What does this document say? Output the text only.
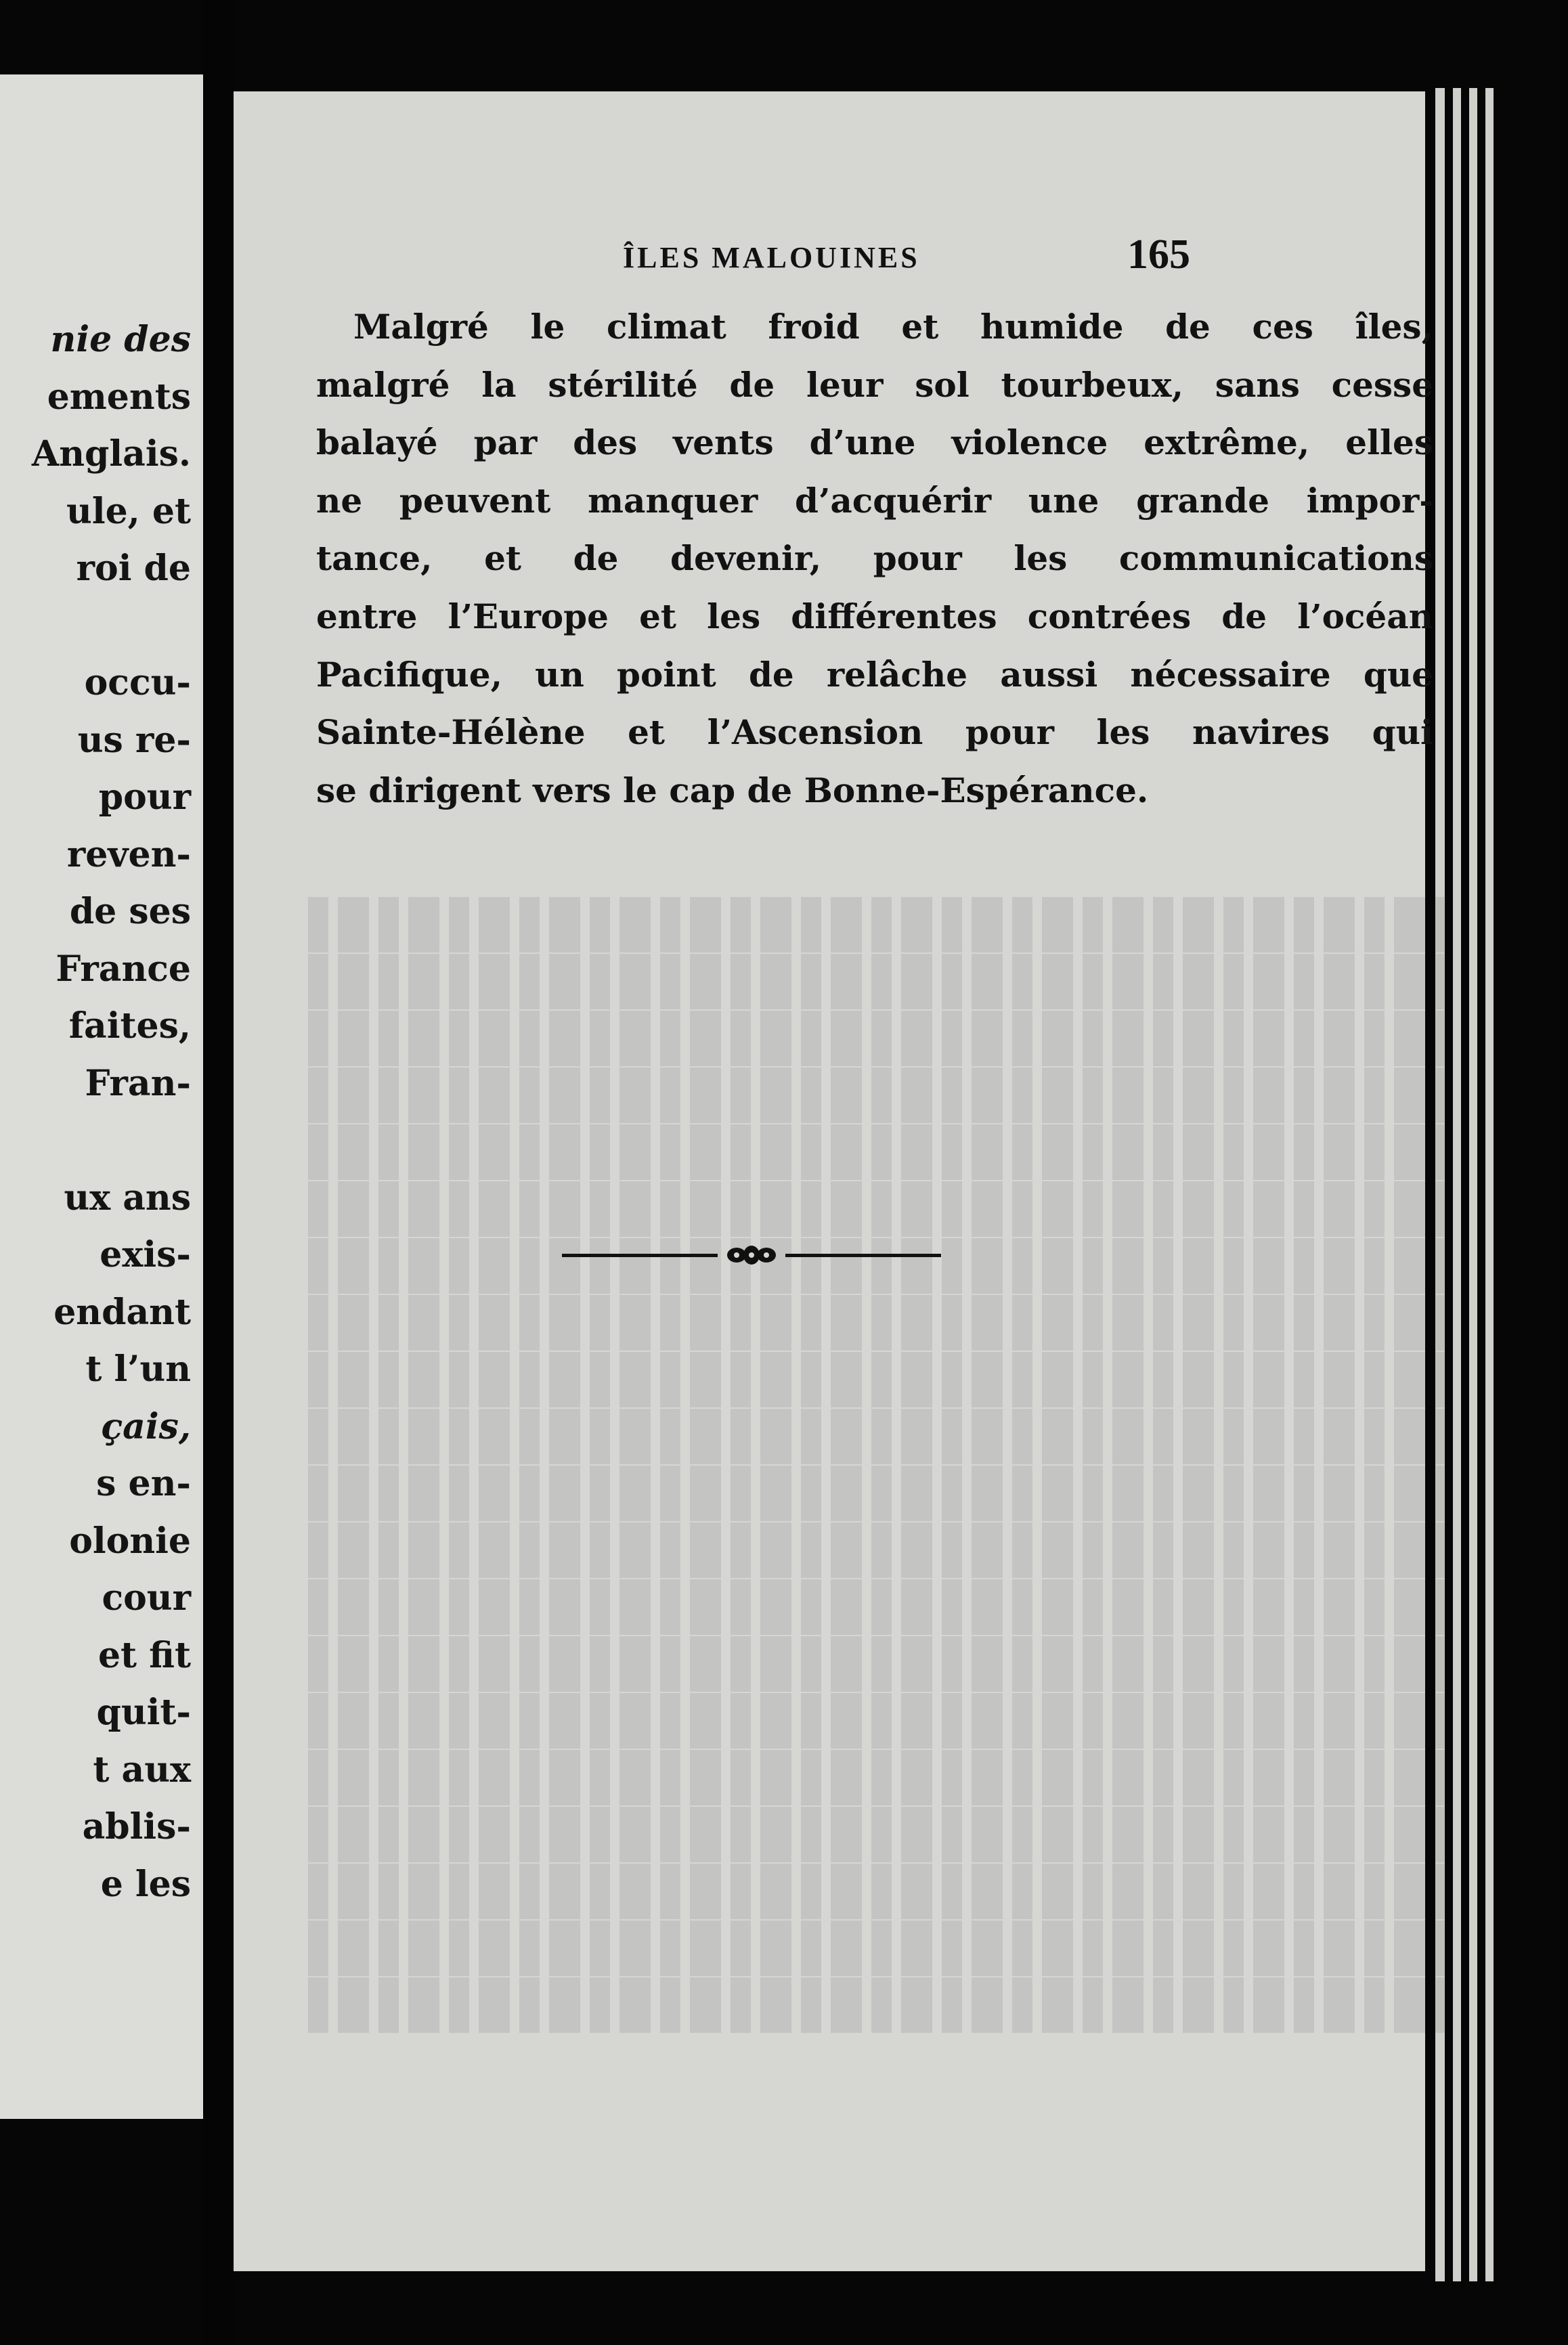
nie des
ements
Anglais.
ule, et
roi de
occu-
us re-
pour
reven-
de ses
France
faites,
Fran-
ux ans
exis-
endant
t l’un
çais,
s en-
olonie
cour
et fit
quit-
t aux
ablis-
e les
ÎLES MALOUINES	165
Malgré le climat froid et humide de ces îles,
malgré la stérilité de leur sol tourbeux, sans cesse
balayé par des vents d’une violence extrême, elles
ne peuvent manquer d’acquérir une grande impor-
tance, et de devenir, pour les communications
entre l’Europe et les différentes contrées de l’océan
Pacifique, un point de relâche aussi nécessaire que
Sainte-Hélène et l’Ascension pour les navires qui
se dirigent vers le cap de Bonne-Espérance.
